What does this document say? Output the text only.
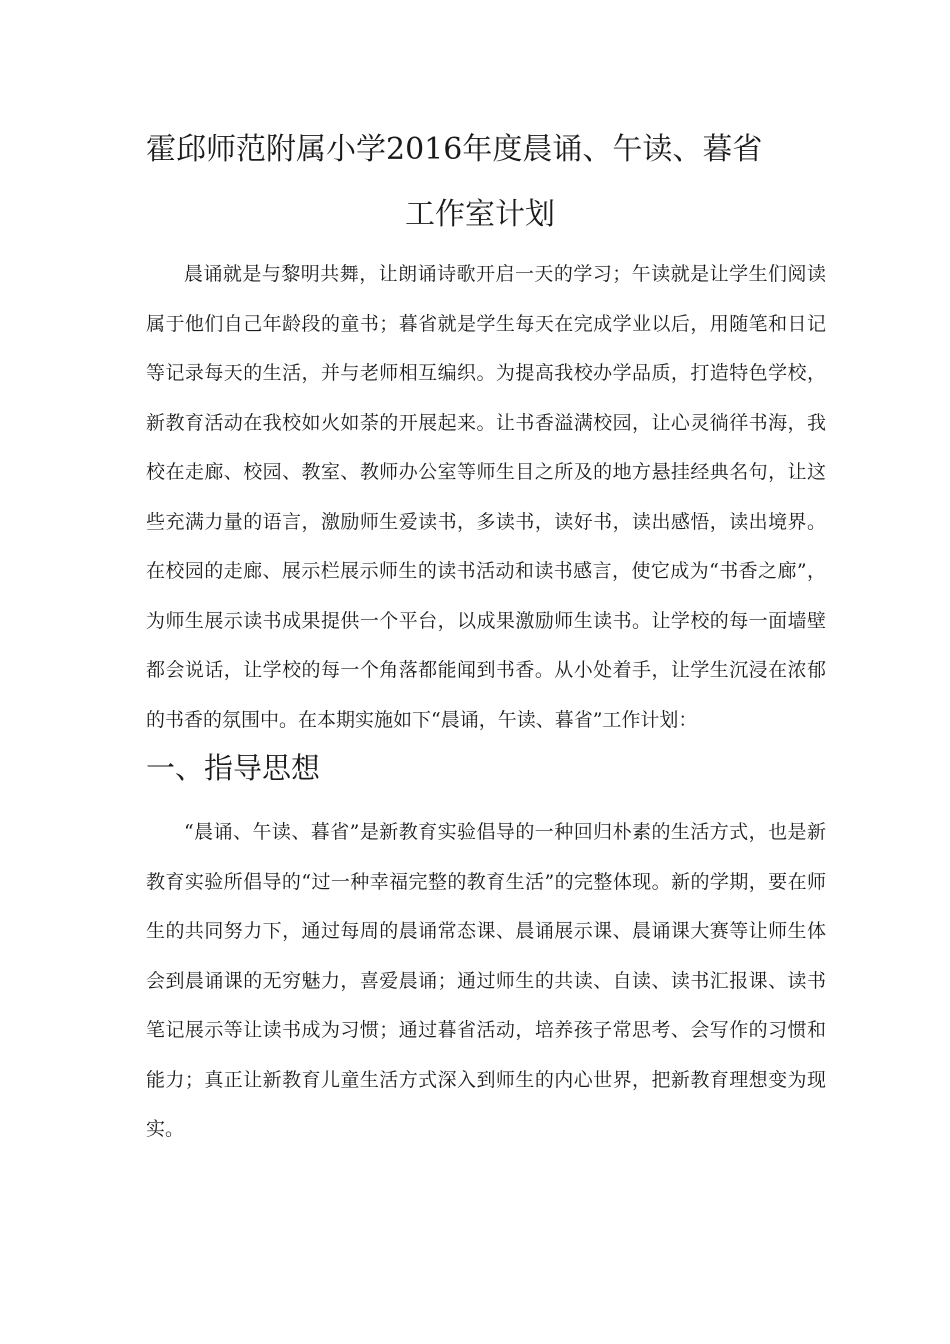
霍邱师范附属小学2016年度晨诵、午读、暮省
工作室计划

晨诵就是与黎明共舞，让朗诵诗歌开启一天的学习；午读就是让学生们阅读属于他们自己年龄段的童书；暮省就是学生每天在完成学业以后，用随笔和日记等记录每天的生活，并与老师相互编织。为提高我校办学品质，打造特色学校，新教育活动在我校如火如荼的开展起来。让书香溢满校园，让心灵徜徉书海，我校在走廊、校园、教室、教师办公室等师生目之所及的地方悬挂经典名句，让这些充满力量的语言，激励师生爱读书，多读书，读好书，读出感悟，读出境界。在校园的走廊、展示栏展示师生的读书活动和读书感言，使它成为“书香之廊”，为师生展示读书成果提供一个平台，以成果激励师生读书。让学校的每一面墙壁都会说话，让学校的每一个角落都能闻到书香。从小处着手，让学生沉浸在浓郁的书香的氛围中。在本期实施如下“晨诵，午读、暮省”工作计划：

一、指导思想

“晨诵、午读、暮省”是新教育实验倡导的一种回归朴素的生活方式，也是新教育实验所倡导的“过一种幸福完整的教育生活”的完整体现。新的学期，要在师生的共同努力下，通过每周的晨诵常态课、晨诵展示课、晨诵课大赛等让师生体会到晨诵课的无穷魅力，喜爱晨诵；通过师生的共读、自读、读书汇报课、读书笔记展示等让读书成为习惯；通过暮省活动，培养孩子常思考、会写作的习惯和能力；真正让新教育儿童生活方式深入到师生的内心世界，把新教育理想变为现实。
